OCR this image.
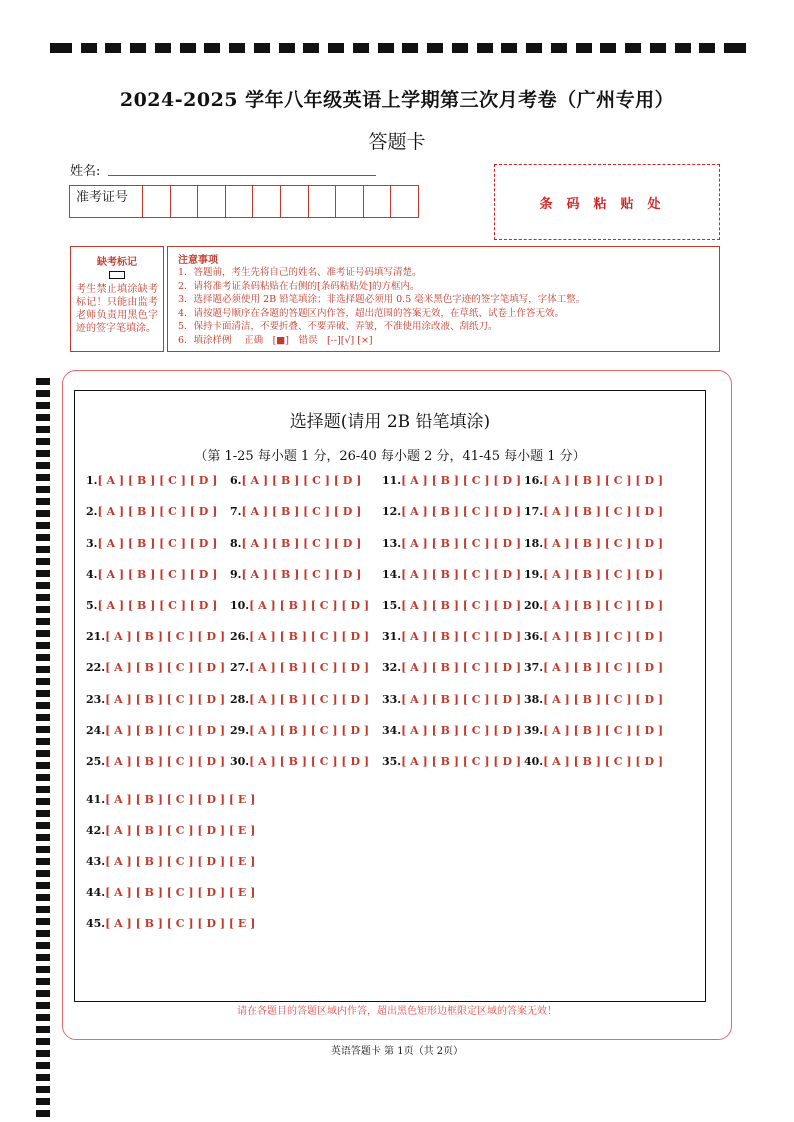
2024-2025 学年八年级英语上学期第三次月考卷（广州专用）
答题卡
姓名:
准考证号	条码粘贴处
缺考标记
考生禁止填涂缺考标记！只能由监考老师负责用黑色字迹的签字笔填涂。
注意事项
1．答题前，考生先将自己的姓名、准考证号码填写清楚。
2．请将准考证条码粘贴在右侧的[条码粘贴处]的方框内。
3．选择题必须使用 2B 铅笔填涂；非选择题必须用 0.5 毫米黑色字迹的签字笔填写，字体工整。
4．请按题号顺序在各题的答题区内作答，超出范围的答案无效，在草纸、试卷上作答无效。
5．保持卡面清洁，不要折叠、不要弄破、弄皱，不准使用涂改液、刮纸刀。
6．填涂样例　 正确　[■]　错误　[--][√] [×]
选择题(请用 2B 铅笔填涂)
（第 1-25 每小题 1 分，26-40 每小题 2 分，41-45 每小题 1 分）
1.[ A ] [ B ] [ C ] [ D ] 6.[ A ] [ B ] [ C ] [ D ] 11.[ A ] [ B ] [ C ] [ D ] 16.[ A ] [ B ] [ C ] [ D ]
2.[ A ] [ B ] [ C ] [ D ] 7.[ A ] [ B ] [ C ] [ D ] 12.[ A ] [ B ] [ C ] [ D ] 17.[ A ] [ B ] [ C ] [ D ]
3.[ A ] [ B ] [ C ] [ D ] 8.[ A ] [ B ] [ C ] [ D ] 13.[ A ] [ B ] [ C ] [ D ] 18.[ A ] [ B ] [ C ] [ D ]
4.[ A ] [ B ] [ C ] [ D ] 9.[ A ] [ B ] [ C ] [ D ] 14.[ A ] [ B ] [ C ] [ D ] 19.[ A ] [ B ] [ C ] [ D ]
5.[ A ] [ B ] [ C ] [ D ] 10.[ A ] [ B ] [ C ] [ D ] 15.[ A ] [ B ] [ C ] [ D ] 20.[ A ] [ B ] [ C ] [ D ]
21.[ A ] [ B ] [ C ] [ D ] 26.[ A ] [ B ] [ C ] [ D ] 31.[ A ] [ B ] [ C ] [ D ] 36.[ A ] [ B ] [ C ] [ D ]
22.[ A ] [ B ] [ C ] [ D ] 27.[ A ] [ B ] [ C ] [ D ] 32.[ A ] [ B ] [ C ] [ D ] 37.[ A ] [ B ] [ C ] [ D ]
23.[ A ] [ B ] [ C ] [ D ] 28.[ A ] [ B ] [ C ] [ D ] 33.[ A ] [ B ] [ C ] [ D ] 38.[ A ] [ B ] [ C ] [ D ]
24.[ A ] [ B ] [ C ] [ D ] 29.[ A ] [ B ] [ C ] [ D ] 34.[ A ] [ B ] [ C ] [ D ] 39.[ A ] [ B ] [ C ] [ D ]
25.[ A ] [ B ] [ C ] [ D ] 30.[ A ] [ B ] [ C ] [ D ] 35.[ A ] [ B ] [ C ] [ D ] 40.[ A ] [ B ] [ C ] [ D ]
41.[ A ] [ B ] [ C ] [ D ] [ E ]
42.[ A ] [ B ] [ C ] [ D ] [ E ]
43.[ A ] [ B ] [ C ] [ D ] [ E ]
44.[ A ] [ B ] [ C ] [ D ] [ E ]
45.[ A ] [ B ] [ C ] [ D ] [ E ]
请在各题目的答题区域内作答，超出黑色矩形边框限定区域的答案无效！
英语答题卡 第 1页（共 2页）
